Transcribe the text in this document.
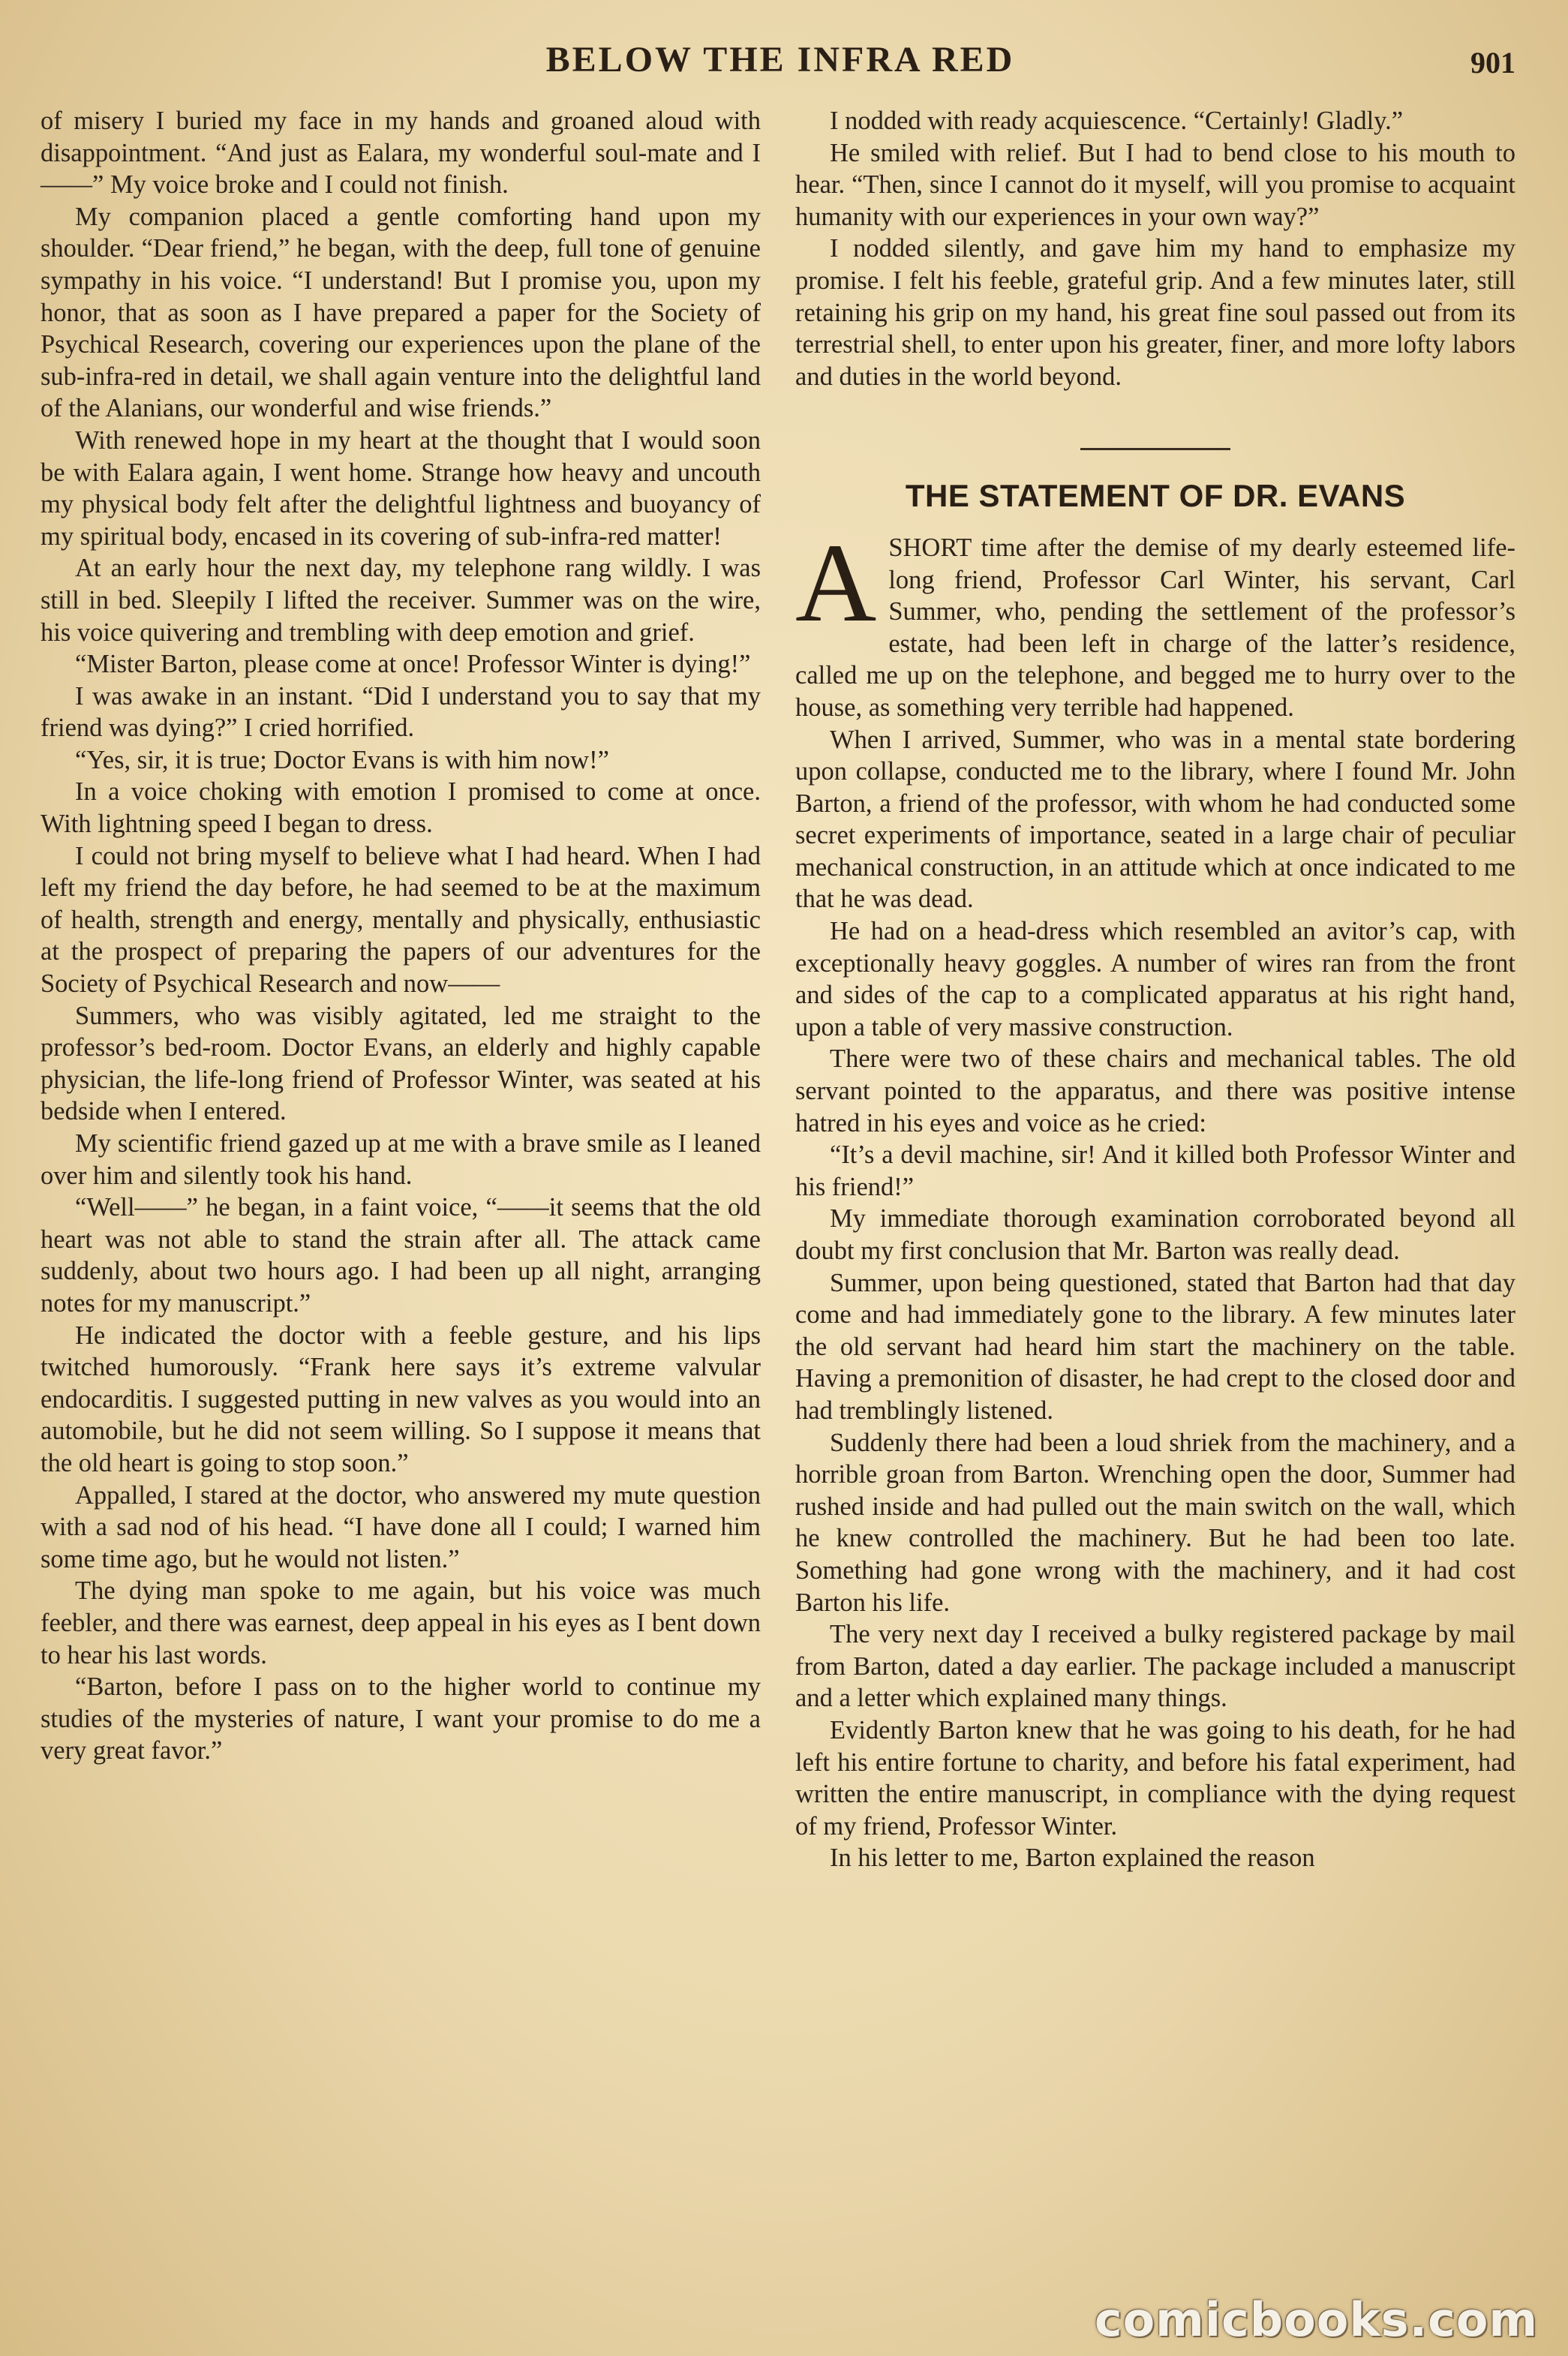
BELOW THE INFRA RED	901

of misery I buried my face in my hands and groaned aloud with disappointment. “And just as Ealara, my wonderful soul-mate and I——” My voice broke and I could not finish.

My companion placed a gentle comforting hand upon my shoulder. “Dear friend,” he began, with the deep, full tone of genuine sympathy in his voice. “I understand! But I promise you, upon my honor, that as soon as I have prepared a paper for the Society of Psychical Research, covering our experiences upon the plane of the sub-infra-red in detail, we shall again venture into the delightful land of the Alanians, our wonderful and wise friends.”

With renewed hope in my heart at the thought that I would soon be with Ealara again, I went home. Strange how heavy and uncouth my physical body felt after the delightful lightness and buoyancy of my spiritual body, encased in its covering of sub-infra-red matter!

At an early hour the next day, my telephone rang wildly. I was still in bed. Sleepily I lifted the receiver. Summer was on the wire, his voice quivering and trembling with deep emotion and grief.

“Mister Barton, please come at once! Professor Winter is dying!”

I was awake in an instant. “Did I understand you to say that my friend was dying?” I cried horrified.

“Yes, sir, it is true; Doctor Evans is with him now!”

In a voice choking with emotion I promised to come at once. With lightning speed I began to dress.

I could not bring myself to believe what I had heard. When I had left my friend the day before, he had seemed to be at the maximum of health, strength and energy, mentally and physically, enthusiastic at the prospect of preparing the papers of our adventures for the Society of Psychical Research and now——

Summers, who was visibly agitated, led me straight to the professor’s bed-room. Doctor Evans, an elderly and highly capable physician, the life-long friend of Professor Winter, was seated at his bedside when I entered.

My scientific friend gazed up at me with a brave smile as I leaned over him and silently took his hand.

“Well——” he began, in a faint voice, “——it seems that the old heart was not able to stand the strain after all. The attack came suddenly, about two hours ago. I had been up all night, arranging notes for my manuscript.”

He indicated the doctor with a feeble gesture, and his lips twitched humorously. “Frank here says it’s extreme valvular endocarditis. I suggested putting in new valves as you would into an automobile, but he did not seem willing. So I suppose it means that the old heart is going to stop soon.”

Appalled, I stared at the doctor, who answered my mute question with a sad nod of his head. “I have done all I could; I warned him some time ago, but he would not listen.”

The dying man spoke to me again, but his voice was much feebler, and there was earnest, deep appeal in his eyes as I bent down to hear his last words.

“Barton, before I pass on to the higher world to continue my studies of the mysteries of nature, I want your promise to do me a very great favor.”

I nodded with ready acquiescence. “Certainly! Gladly.”

He smiled with relief. But I had to bend close to his mouth to hear. “Then, since I cannot do it myself, will you promise to acquaint humanity with our experiences in your own way?”

I nodded silently, and gave him my hand to emphasize my promise. I felt his feeble, grateful grip. And a few minutes later, still retaining his grip on my hand, his great fine soul passed out from its terrestrial shell, to enter upon his greater, finer, and more lofty labors and duties in the world beyond.

THE STATEMENT OF DR. EVANS

A SHORT time after the demise of my dearly esteemed life-long friend, Professor Carl Winter, his servant, Carl Summer, who, pending the settlement of the professor’s estate, had been left in charge of the latter’s residence, called me up on the telephone, and begged me to hurry over to the house, as something very terrible had happened.

When I arrived, Summer, who was in a mental state bordering upon collapse, conducted me to the library, where I found Mr. John Barton, a friend of the professor, with whom he had conducted some secret experiments of importance, seated in a large chair of peculiar mechanical construction, in an attitude which at once indicated to me that he was dead.

He had on a head-dress which resembled an avitor’s cap, with exceptionally heavy goggles. A number of wires ran from the front and sides of the cap to a complicated apparatus at his right hand, upon a table of very massive construction.

There were two of these chairs and mechanical tables. The old servant pointed to the apparatus, and there was positive intense hatred in his eyes and voice as he cried:

“It’s a devil machine, sir! And it killed both Professor Winter and his friend!”

My immediate thorough examination corroborated beyond all doubt my first conclusion that Mr. Barton was really dead.

Summer, upon being questioned, stated that Barton had that day come and had immediately gone to the library. A few minutes later the old servant had heard him start the machinery on the table. Having a premonition of disaster, he had crept to the closed door and had tremblingly listened.

Suddenly there had been a loud shriek from the machinery, and a horrible groan from Barton. Wrenching open the door, Summer had rushed inside and had pulled out the main switch on the wall, which he knew controlled the machinery. But he had been too late. Something had gone wrong with the machinery, and it had cost Barton his life.

The very next day I received a bulky registered package by mail from Barton, dated a day earlier. The package included a manuscript and a letter which explained many things.

Evidently Barton knew that he was going to his death, for he had left his entire fortune to charity, and before his fatal experiment, had written the entire manuscript, in compliance with the dying request of my friend, Professor Winter.

In his letter to me, Barton explained the reason

comicbooks.com
